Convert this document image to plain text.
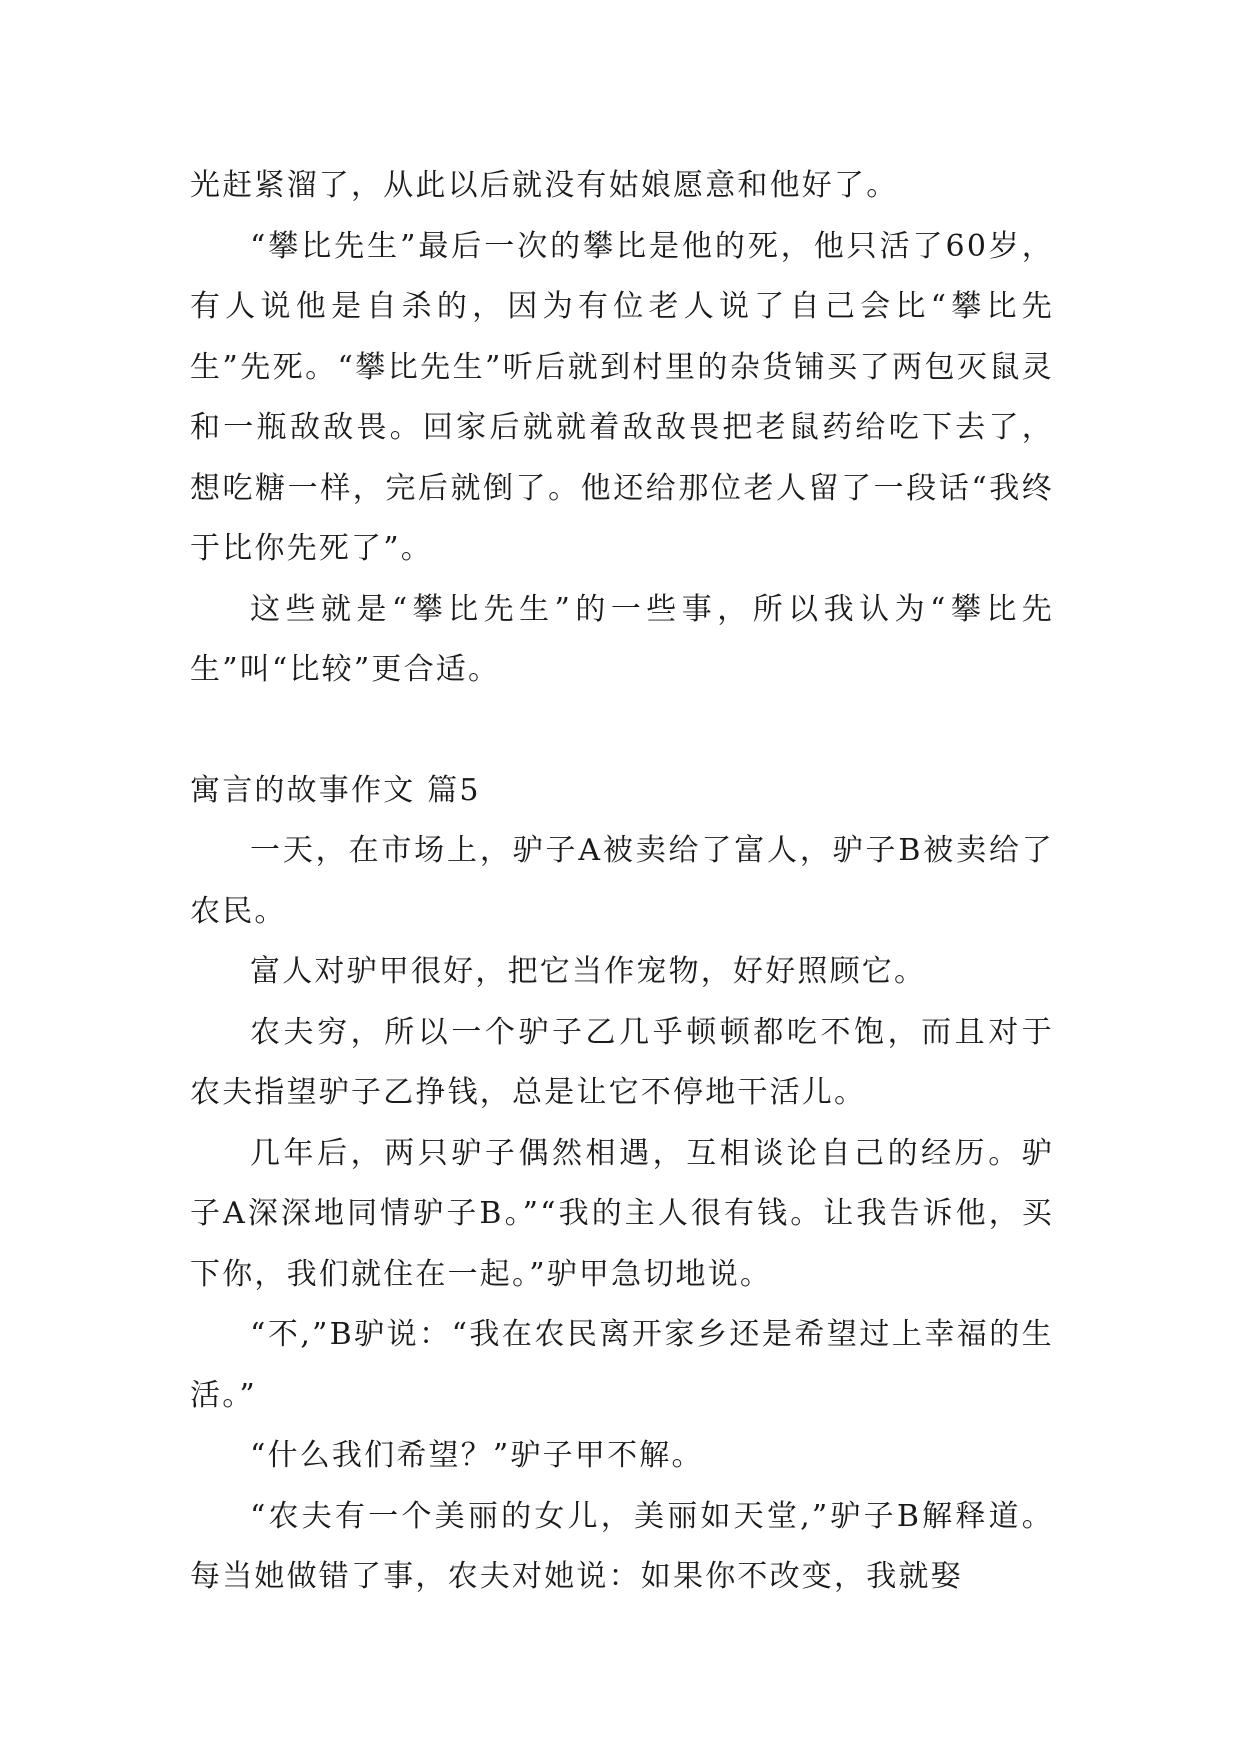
光赶紧溜了，从此以后就没有姑娘愿意和他好了。

“攀比先生”最后一次的攀比是他的死，他只活了60岁，有人说他是自杀的，因为有位老人说了自己会比“攀比先生”先死。“攀比先生”听后就到村里的杂货铺买了两包灭鼠灵和一瓶敌敌畏。回家后就就着敌敌畏把老鼠药给吃下去了，想吃糖一样，完后就倒了。他还给那位老人留了一段话“我终于比你先死了”。

这些就是“攀比先生”的一些事，所以我认为“攀比先生”叫“比较”更合适。

寓言的故事作文 篇5

一天，在市场上，驴子A被卖给了富人，驴子B被卖给了农民。

富人对驴甲很好，把它当作宠物，好好照顾它。

农夫穷，所以一个驴子乙几乎顿顿都吃不饱，而且对于农夫指望驴子乙挣钱，总是让它不停地干活儿。

几年后，两只驴子偶然相遇，互相谈论自己的经历。驴子A深深地同情驴子B。”“我的主人很有钱。让我告诉他，买下你，我们就住在一起。”驴甲急切地说。

“不,”B驴说：“我在农民离开家乡还是希望过上幸福的生活。”

“什么我们希望？”驴子甲不解。

“农夫有一个美丽的女儿，美丽如天堂,”驴子B解释道。每当她做错了事，农夫对她说：如果你不改变，我就娶
